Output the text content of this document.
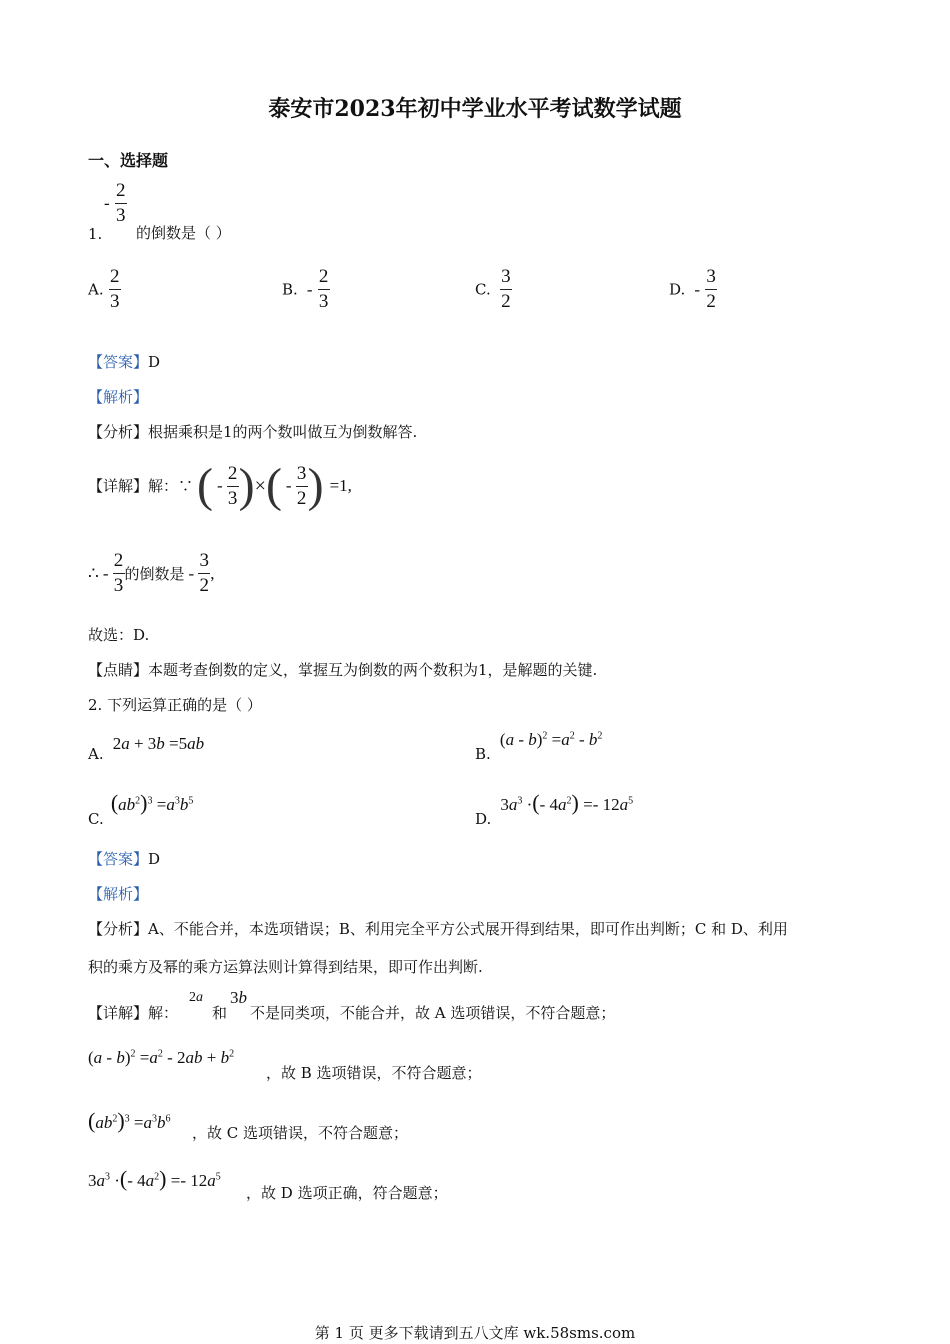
泰安市2023年初中学业水平考试数学试题
一、选择题
- $\frac{2}{3}$
1. 的倒数是（ ）
A. $\frac{2}{3}$	B. - $\frac{2}{3}$	C. $\frac{3}{2}$	D. - $\frac{3}{2}$
【答案】D
【解析】
【分析】根据乘积是1的两个数叫做互为倒数解答.
【详解】解：∵ ( - $\frac{2}{3}$ ) × ( - $\frac{3}{2}$ ) =1,
∴ - $\frac{2}{3}$ 的倒数是 - $\frac{3}{2}$ ,
故选：D.
【点睛】本题考查倒数的定义，掌握互为倒数的两个数积为1，是解题的关键.
2. 下列运算正确的是（ ）
A. 2a + 3b =5ab
B. $(a - b)^2 =a^2 - b^2$
C. $(ab^2)^3 =a^3b^5$
D. $3a^3$ ·(- $4a^2) =- 12a^5$
【答案】D
【解析】
【分析】A、不能合并，本选项错误；B、利用完全平方公式展开得到结果，即可作出判断；C 和 D、利用
积的乘方及幂的乘方运算法则计算得到结果，即可作出判断.
【详解】解：
2a
和
3b
不是同类项，不能合并，故 A 选项错误，不符合题意；
$(a - b)^2 =a^2 - 2ab + b^2$
，故 B 选项错误，不符合题意；
$(ab^2)^3 =a^3b^6$
，故 C 选项错误，不符合题意；
$3a^3$ ·(- $4a^2) =- 12a^5$
，故 D 选项正确，符合题意；
第 1 页 更多下载请到五八文库 wk.58sms.com
